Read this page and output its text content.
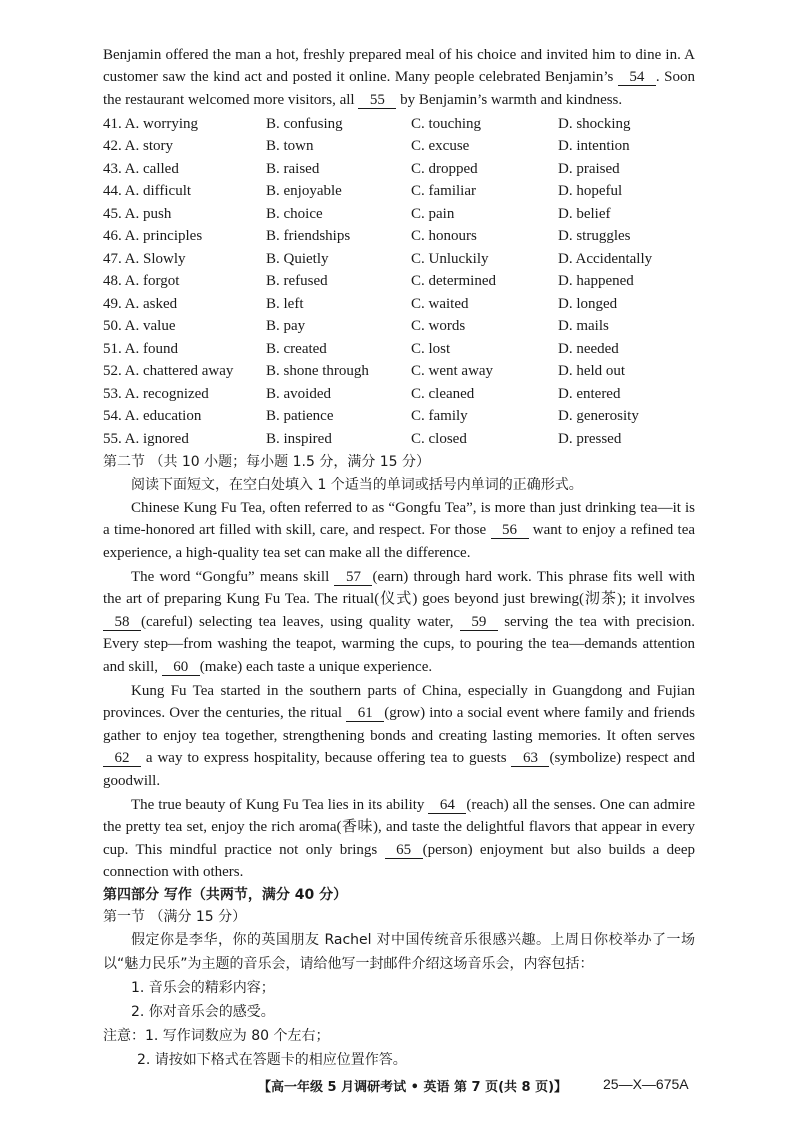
Benjamin offered the man a hot, freshly prepared meal of his choice and invited him to dine in. A customer saw the kind act and posted it online. Many people celebrated Benjamin’s 54 . Soon the restaurant welcomed more visitors, all 55 by Benjamin’s warmth and kindness.

41. A. worrying	B. confusing	C. touching	D. shocking
42. A. story	B. town	C. excuse	D. intention
43. A. called	B. raised	C. dropped	D. praised
44. A. difficult	B. enjoyable	C. familiar	D. hopeful
45. A. push	B. choice	C. pain	D. belief
46. A. principles	B. friendships	C. honours	D. struggles
47. A. Slowly	B. Quietly	C. Unluckily	D. Accidentally
48. A. forgot	B. refused	C. determined	D. happened
49. A. asked	B. left	C. waited	D. longed
50. A. value	B. pay	C. words	D. mails
51. A. found	B. created	C. lost	D. needed
52. A. chattered away	B. shone through	C. went away	D. held out
53. A. recognized	B. avoided	C. cleaned	D. entered
54. A. education	B. patience	C. family	D. generosity
55. A. ignored	B. inspired	C. closed	D. pressed

第二节 （共 10 小题；每小题 1.5 分，满分 15 分）

阅读下面短文，在空白处填入 1 个适当的单词或括号内单词的正确形式。

Chinese Kung Fu Tea, often referred to as “Gongfu Tea”, is more than just drinking tea—it is a time-honored art filled with skill, care, and respect. For those 56 want to enjoy a refined tea experience, a high-quality tea set can make all the difference.

The word “Gongfu” means skill 57 (earn) through hard work. This phrase fits well with the art of preparing Kung Fu Tea. The ritual(仪式) goes beyond just brewing(沏茶); it involves 58 (careful) selecting tea leaves, using quality water, 59 serving the tea with precision. Every step—from washing the teapot, warming the cups, to pouring the tea—demands attention and skill, 60 (make) each taste a unique experience.

Kung Fu Tea started in the southern parts of China, especially in Guangdong and Fujian provinces. Over the centuries, the ritual 61 (grow) into a social event where family and friends gather to enjoy tea together, strengthening bonds and creating lasting memories. It often serves 62 a way to express hospitality, because offering tea to guests 63 (symbolize) respect and goodwill.

The true beauty of Kung Fu Tea lies in its ability 64 (reach) all the senses. One can admire the pretty tea set, enjoy the rich aroma(香味), and taste the delightful flavors that appear in every cup. This mindful practice not only brings 65 (person) enjoyment but also builds a deep connection with others.

第四部分 写作（共两节，满分 40 分）

第一节 （满分 15 分）

假定你是李华，你的英国朋友 Rachel 对中国传统音乐很感兴趣。上周日你校举办了一场以“魅力民乐”为主题的音乐会，请给他写一封邮件介绍这场音乐会，内容包括：

1. 音乐会的精彩内容；

2. 你对音乐会的感受。

注意：1. 写作词数应为 80 个左右；

2. 请按如下格式在答题卡的相应位置作答。

【高一年级 5 月调研考试 • 英语 第 7 页(共 8 页)】	25—X—675A
